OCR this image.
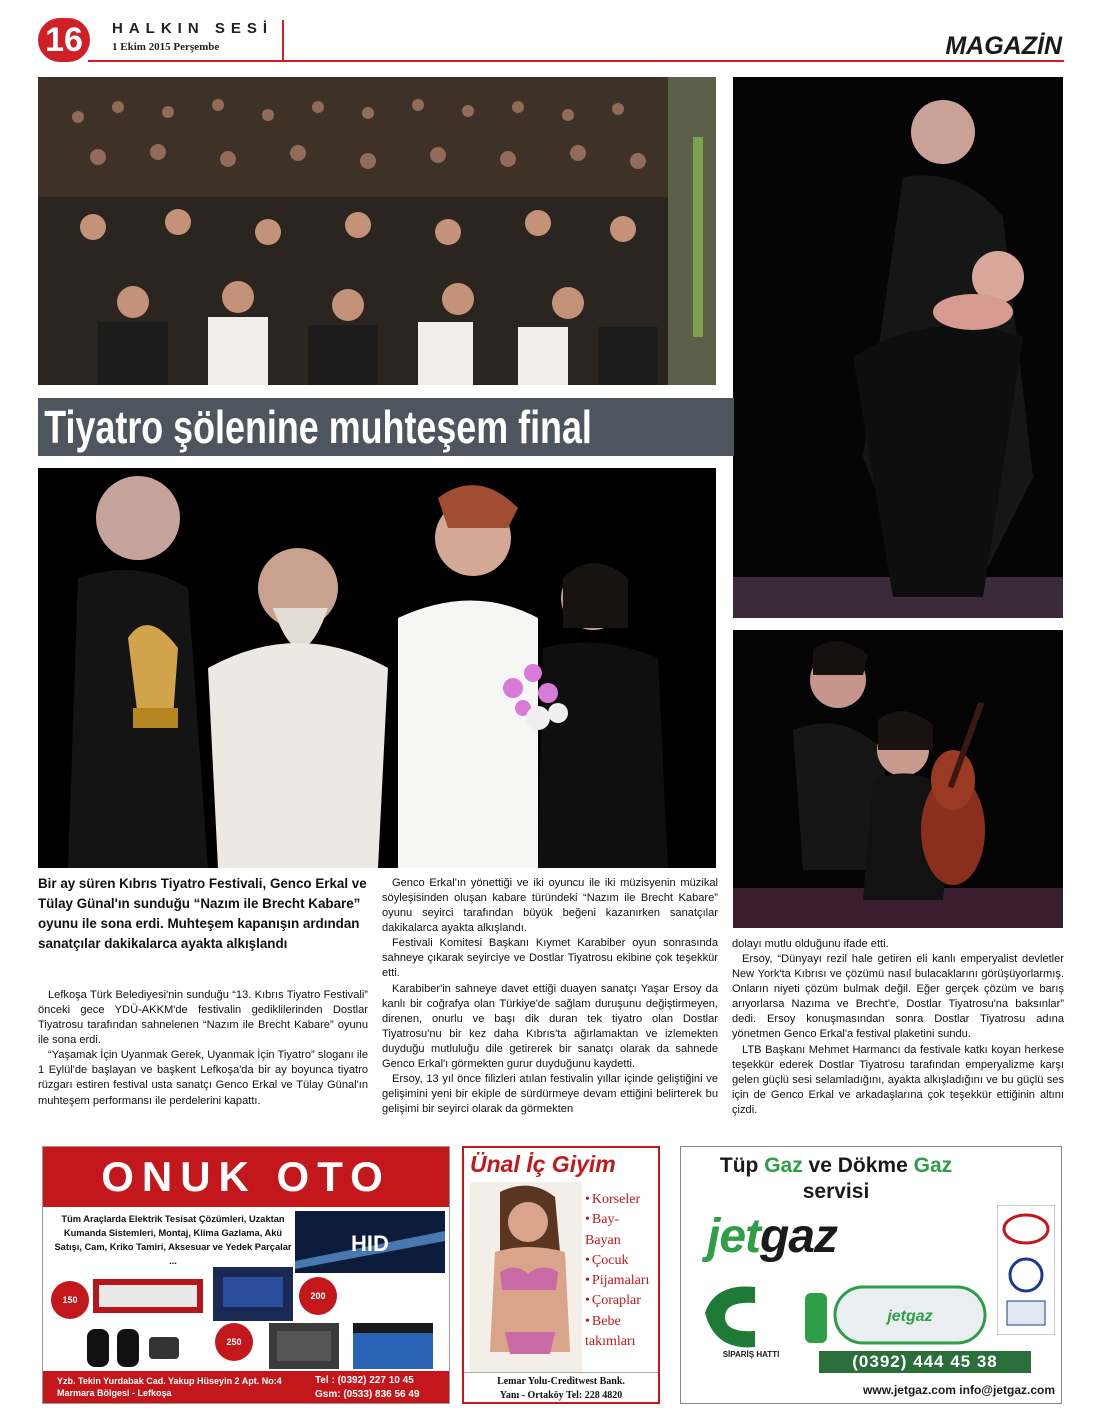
16	HALKIN SESİ
1 Ekim 2015 Perşembe	MAGAZİN
Tiyatro şölenine muhteşem final
Bir ay süren Kıbrıs Tiyatro Festivali, Genco Erkal ve Tülay Günal'ın sunduğu “Nazım ile Brecht Kabare” oyunu ile sona erdi. Muhteşem kapanışın ardından sanatçılar dakikalarca ayakta alkışlandı

Lefkoşa Türk Belediyesi'nin sunduğu “13. Kıbrıs Tiyatro Festivali” önceki gece YDÜ-AKKM'de festivalin gediklilerinden Dostlar Tiyatrosu tarafından sahnelenen “Nazım ile Brecht Kabare” oyunu ile sona erdi.

“Yaşamak İçin Uyanmak Gerek, Uyanmak İçin Tiyatro” sloganı ile 1 Eylül'de başlayan ve başkent Lefkoşa'da bir ay boyunca tiyatro rüzgarı estiren festival usta sanatçı Genco Erkal ve Tülay Günal'ın muhteşem performansı ile perdelerini kapattı.

Genco Erkal'ın yönettiği ve iki oyuncu ile iki müzisyenin müzikal söyleşisinden oluşan kabare türündeki “Nazım ile Brecht Kabare” oyunu seyirci tarafından büyük beğeni kazanırken sanatçılar dakikalarca ayakta alkışlandı.

Festivali Komitesi Başkanı Kıymet Karabiber oyun sonrasında sahneye çıkarak seyirciye ve Dostlar Tiyatrosu ekibine çok teşekkür etti.

Karabiber'in sahneye davet ettiği duayen sanatçı Yaşar Ersoy da kanlı bir coğrafya olan Türkiye'de sağlam duruşunu değiştirmeyen, direnen, onurlu ve başı dik duran tek tiyatro olan Dostlar Tiyatrosu'nu bir kez daha Kıbrıs'ta ağırlamaktan ve izlemekten duyduğu mutluluğu dile getirerek bir sanatçı olarak da sahnede Genco Erkal'ı görmekten gurur duyduğunu kaydetti.

Ersoy, 13 yıl önce filizleri atılan festivalin yıllar içinde geliştiğini ve gelişimini yeni bir ekiple de sürdürmeye devam ettiğini belirterek bu gelişimi bir seyirci olarak da görmekten

dolayı mutlu olduğunu ifade etti.

Ersoy, “Dünyayı rezil hale getiren eli kanlı emperyalist devletler New York'ta Kıbrısı ve çözümü nasıl bulacaklarını görüşüyorlarmış. Onların niyeti çözüm bulmak değil. Eğer gerçek çözüm ve barış arıyorlarsa Nazıma ve Brecht'e, Dostlar Tiyatrosu'na baksınlar” dedi. Ersoy konuşmasından sonra Dostlar Tiyatrosu adına yönetmen Genco Erkal'a festival plaketini sundu.

LTB Başkanı Mehmet Harmancı da festivale katkı koyan herkese teşekkür ederek Dostlar Tiyatrosu tarafından emperyalizme karşı gelen güçlü sesi selamladığını, ayakta alkışladığını ve bu güçlü ses için de Genco Erkal ve arkadaşlarına çok teşekkür ettiğinin altını çizdi.

ONUK OTO
Tüm Araçlarda Elektrik Tesisat Çözümleri, Uzaktan Kumanda Sistemleri, Montaj, Klima Gazlama, Akü Satışı, Cam, Kriko Tamiri, Aksesuar ve Yedek Parçalar ...
HID
150	200
250
Yzb. Tekin Yurdabak Cad. Yakup Hüseyin 2 Apt. No:4 Marmara Bölgesi - Lefkoşa
Tel : (0392) 227 10 45
Gsm: (0533) 836 56 49
Ünal İç Giyim
• Korseler
• Bay-
Bayan
• Çocuk
• Pijamaları
• Çoraplar
• Bebe
takımları
Lemar Yolu-Creditwest Bank.
Yanı - Ortaköy Tel: 228 4820
Tüp Gaz ve Dökme Gaz
servisi
jetgaz
jetgaz
SİPARİŞ HATTI	(0392) 444 45 38
www.jetgaz.com info@jetgaz.com
